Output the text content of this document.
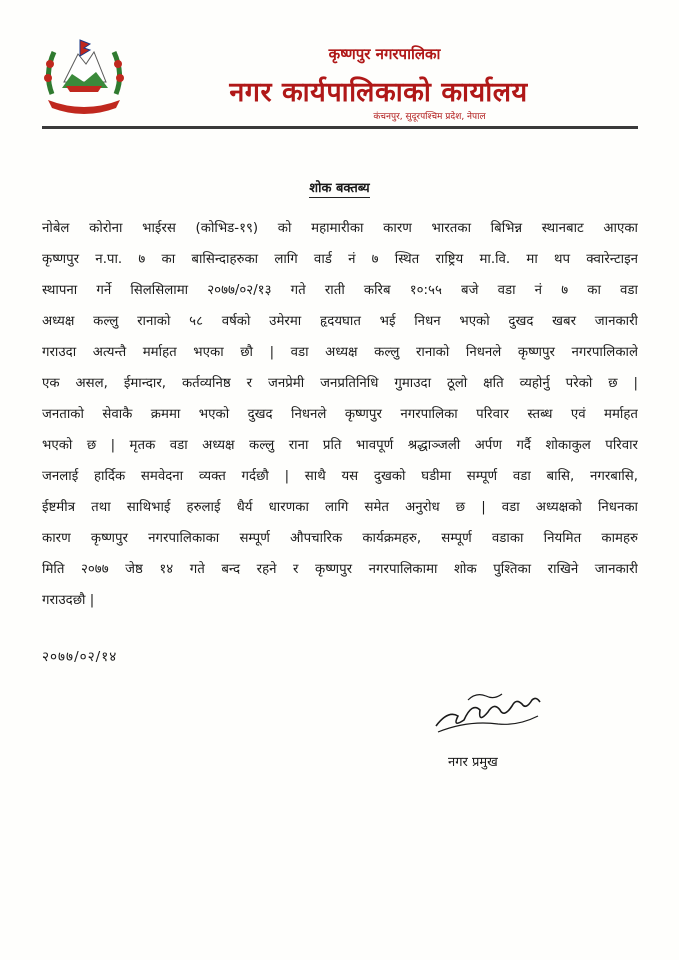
कृष्णपुर नगरपालिका
नगर कार्यपालिकाको कार्यालय
कंचनपुर, सुदूरपश्चिम प्रदेश, नेपाल
शोक बक्तब्य
नोबेल कोरोना भाईरस (कोभिड-१९) को महामारीका कारण भारतका बिभिन्न स्थानबाट आएका
कृष्णपुर न.पा. ७ का बासिन्दाहरुका लागि वार्ड नं ७ स्थित राष्ट्रिय मा.वि. मा थप क्वारेन्टाइन
स्थापना गर्ने सिलसिलामा २०७७/०२/१३ गते राती करिब १०:५५ बजे वडा नं ७ का वडा
अध्यक्ष कल्लु रानाको ५८ वर्षको उमेरमा हृदयघात भई निधन भएको दुखद खबर जानकारी
गराउदा अत्यन्तै मर्माहत भएका छौ | वडा अध्यक्ष कल्लु रानाको निधनले कृष्णपुर नगरपालिकाले
एक असल, ईमान्दार, कर्तव्यनिष्ठ र जनप्रेमी जनप्रतिनिधि गुमाउदा ठूलो क्षति व्यहोर्नु परेको छ |
जनताको सेवाकै क्रममा भएको दुखद निधनले कृष्णपुर नगरपालिका परिवार स्तब्ध एवं मर्माहत
भएको छ | मृतक वडा अध्यक्ष कल्लु राना प्रति भावपूर्ण श्रद्धाञ्जली अर्पण गर्दै शोकाकुल परिवार
जनलाई हार्दिक समवेदना व्यक्त गर्दछौ | साथै यस दुखको घडीमा सम्पूर्ण वडा बासि, नगरबासि,
ईष्टमीत्र तथा साथिभाई हरुलाई धैर्य धारणका लागि समेत अनुरोध छ | वडा अध्यक्षको निधनका
कारण कृष्णपुर नगरपालिकाका सम्पूर्ण औपचारिक कार्यक्रमहरु, सम्पूर्ण वडाका नियमित कामहरु
मिति २०७७ जेष्ठ १४ गते बन्द रहने र कृष्णपुर नगरपालिकामा शोक पुश्तिका राखिने जानकारी
गराउदछौ |
२०७७/०२/१४
नगर प्रमुख
